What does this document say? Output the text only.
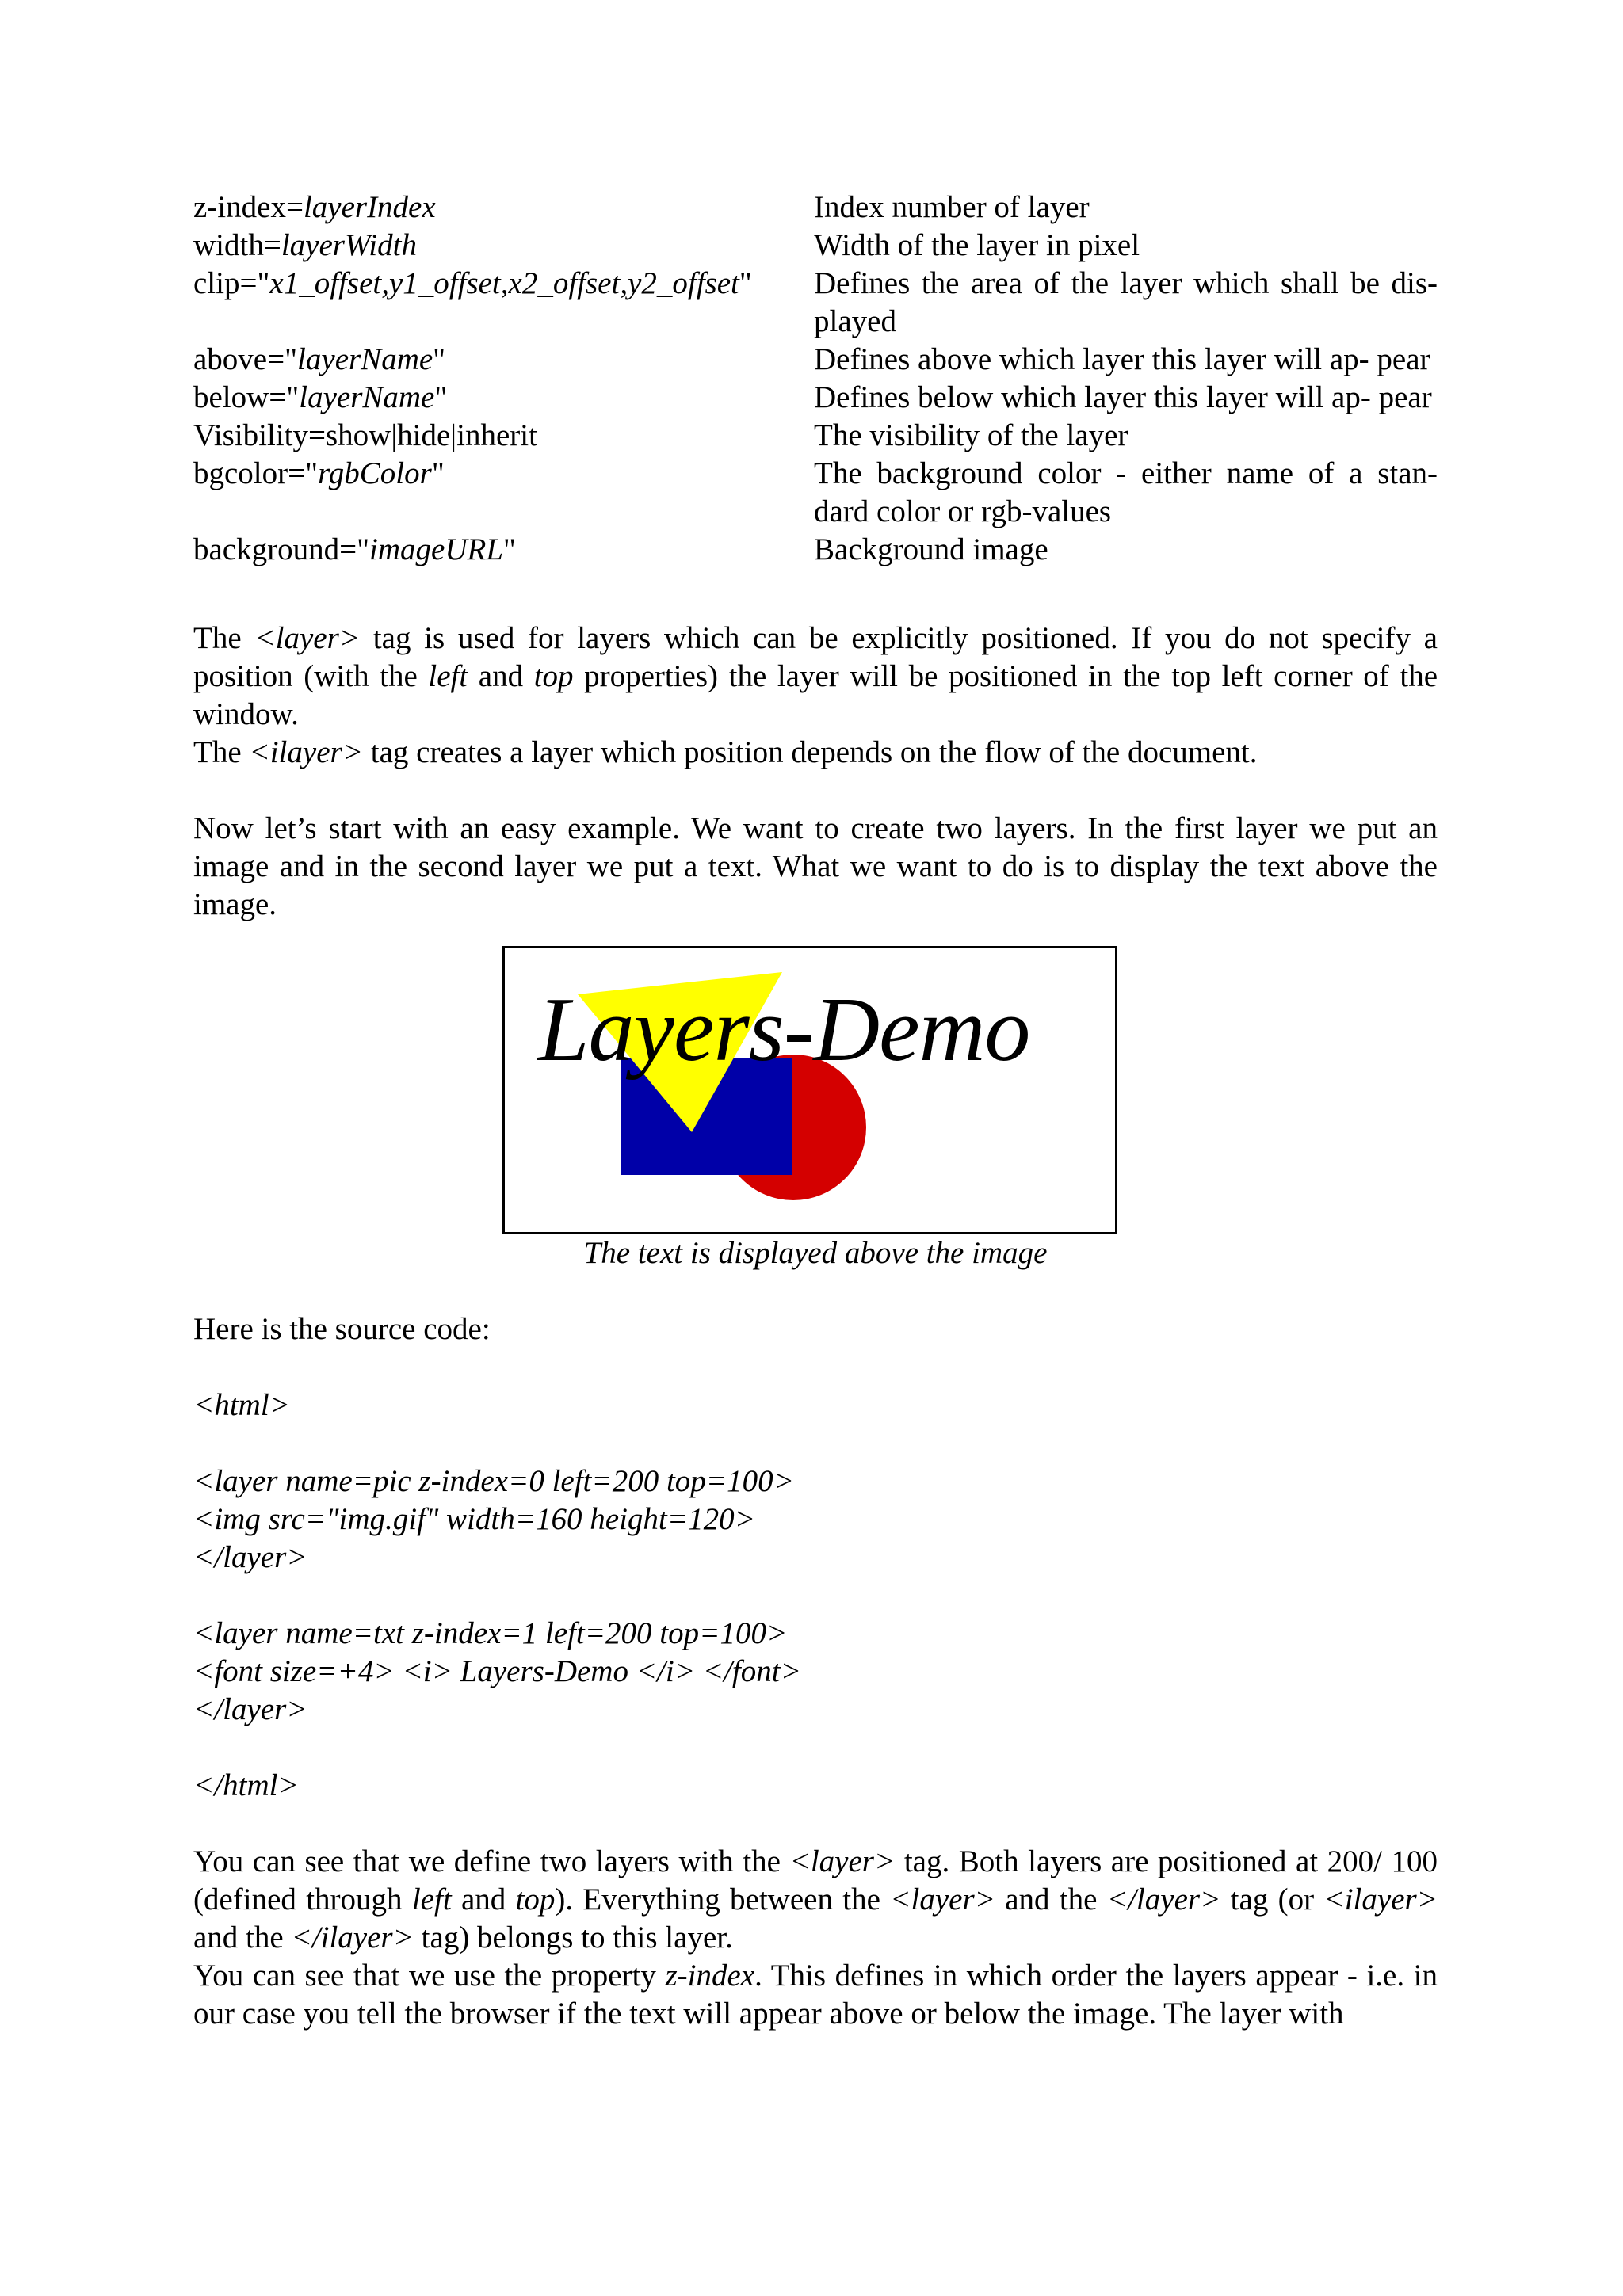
z-index=layerIndex	Index number of layer
width=layerWidth	Width of the layer in pixel
clip="x1_offset,y1_offset,x2_offset,y2_offset"	Defines the area of the layer which shall be dis- played
above="layerName"	Defines above which layer this layer will ap- pear
below="layerName"	Defines below which layer this layer will ap- pear
Visibility=show|hide|inherit	The visibility of the layer
bgcolor="rgbColor"	The background color - either name of a stan- dard color or rgb-values
background="imageURL"	Background image

The <layer> tag is used for layers which can be explicitly positioned. If you do not specify a position (with the left and top properties) the layer will be positioned in the top left corner of the window.

The <ilayer> tag creates a layer which position depends on the flow of the document.

Now let’s start with an easy example. We want to create two layers. In the first layer we put an image and in the second layer we put a text. What we want to do is to display the text above the image.

Layers-Demo
The text is displayed above the image

Here is the source code:

<html>
<layer name=pic z-index=0 left=200 top=100>
<img src="img.gif" width=160 height=120>
</layer>
<layer name=txt z-index=1 left=200 top=100>
<font size=+4> <i> Layers-Demo </i> </font>
</layer>
</html>

You can see that we define two layers with the <layer> tag. Both layers are positioned at 200/ 100 (defined through left and top). Everything between the <layer> and the </layer> tag (or <ilayer> and the </ilayer> tag) belongs to this layer.

You can see that we use the property z-index. This defines in which order the layers appear - i.e. in our case you tell the browser if the text will appear above or below the image. The layer with
